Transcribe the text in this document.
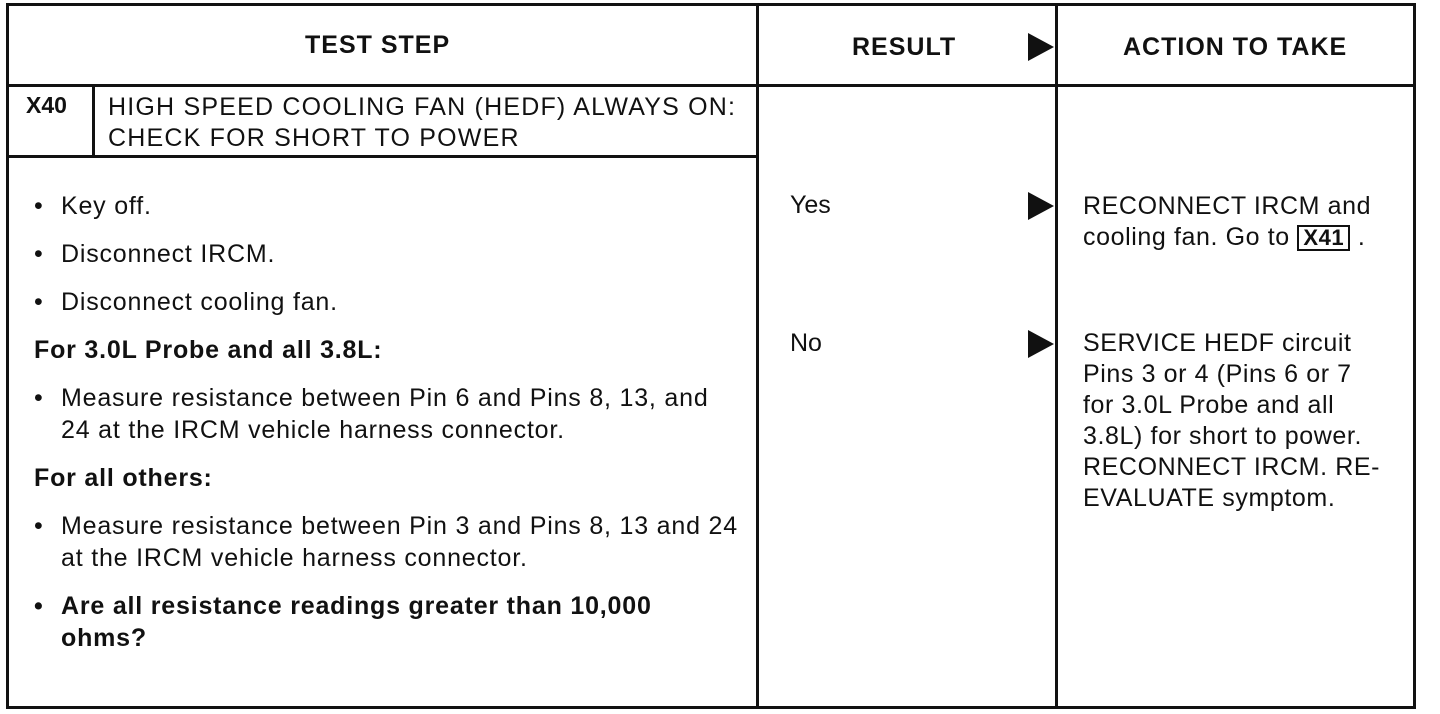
TEST STEP	RESULT	ACTION TO TAKE
X40 HIGH SPEED COOLING FAN (HEDF) ALWAYS ON: CHECK FOR SHORT TO POWER
• Key off.
• Disconnect IRCM.
• Disconnect cooling fan.
For 3.0L Probe and all 3.8L:
• Measure resistance between Pin 6 and Pins 8, 13, and 24 at the IRCM vehicle harness connector.
For all others:
• Measure resistance between Pin 3 and Pins 8, 13 and 24 at the IRCM vehicle harness connector.
• Are all resistance readings greater than 10,000 ohms?
Yes
No
RECONNECT IRCM and cooling fan. Go to X41 .
SERVICE HEDF circuit Pins 3 or 4 (Pins 6 or 7 for 3.0L Probe and all 3.8L) for short to power. RECONNECT IRCM. RE-EVALUATE symptom.
